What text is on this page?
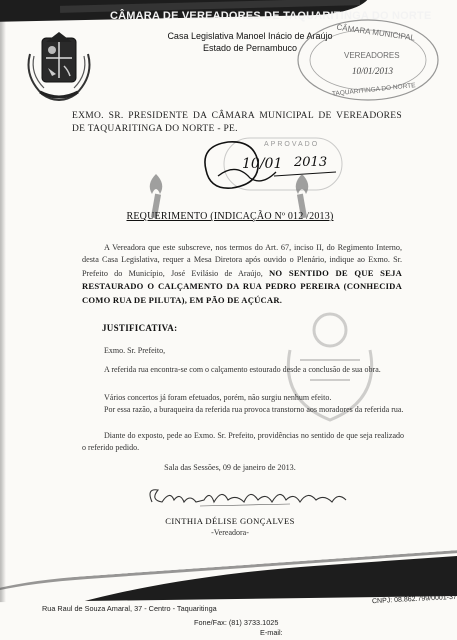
CÂMARA DE VEREADORES DE TAQUARITINGA DO NORTE
Casa Legislativa Manoel Inácio de Araújo
Estado de Pernambuco
CÂMARA MUNICIPAL
VEREADORES
10/01/2013
TAQUARITINGA DO NORTE
EXMO. SR. PRESIDENTE DA CÂMARA MUNICIPAL DE VEREADORES DE TAQUARITINGA DO NORTE - PE.
APROVADO
10/01 2013
REQUERIMENTO (INDICAÇÃO Nº 012 /2013)
A Vereadora que este subscreve, nos termos do Art. 67, inciso II, do Regimento Interno, desta Casa Legislativa, requer a Mesa Diretora após ouvido o Plenário, indique ao Exmo. Sr. Prefeito do Município, José Evilásio de Araújo, NO SENTIDO DE QUE SEJA RESTAURADO O CALÇAMENTO DA RUA PEDRO PEREIRA (CONHECIDA COMO RUA DE PILUTA), EM PÃO DE AÇÚCAR.
JUSTIFICATIVA:
Exmo. Sr. Prefeito,
A referida rua encontra-se com o calçamento estourado desde a conclusão de sua obra.
Vários concertos já foram efetuados, porém, não surgiu nenhum efeito.
Por essa razão, a buraqueira da referida rua provoca transtorno aos moradores da referida rua.
Diante do exposto, pede ao Exmo. Sr. Prefeito, providências no sentido de que seja realizado o referido pedido.
Sala das Sessões, 09 de janeiro de 2013.
CINTHIA DÉLISE GONÇALVES
-Vereadora-
Rua Raul de Souza Amaral, 37 - Centro - Taquaritinga
CNPJ: 08.862.799/0001-37
Fone/Fax: (81) 3733.1025
E-mail:
